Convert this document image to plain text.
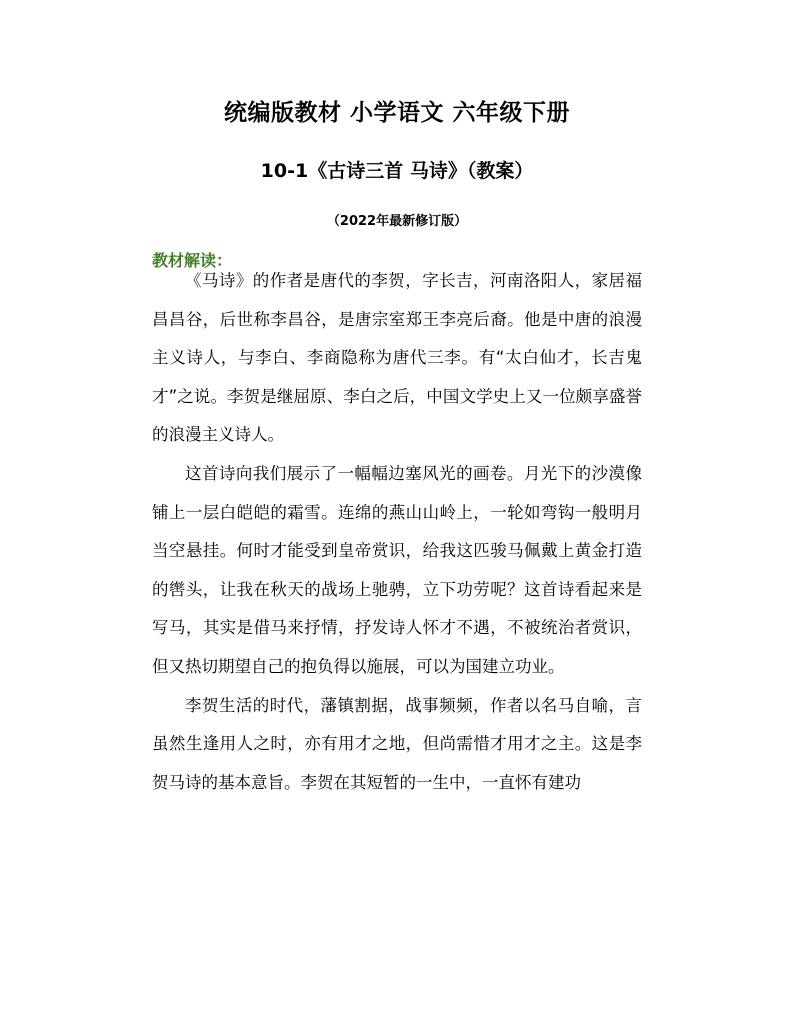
统编版教材 小学语文 六年级下册
10-1《古诗三首 马诗》（教案）
（2022年最新修订版）
教材解读：

《马诗》的作者是唐代的李贺，字长吉，河南洛阳人，家居福昌昌谷，后世称李昌谷，是唐宗室郑王李亮后裔。他是中唐的浪漫主义诗人，与李白、李商隐称为唐代三李。有“太白仙才，长吉鬼才”之说。李贺是继屈原、李白之后，中国文学史上又一位颇享盛誉的浪漫主义诗人。

这首诗向我们展示了一幅幅边塞风光的画卷。月光下的沙漠像铺上一层白皑皑的霜雪。连绵的燕山山岭上，一轮如弯钩一般明月当空悬挂。何时才能受到皇帝赏识，给我这匹骏马佩戴上黄金打造的辔头，让我在秋天的战场上驰骋，立下功劳呢？这首诗看起来是写马，其实是借马来抒情，抒发诗人怀才不遇，不被统治者赏识，但又热切期望自己的抱负得以施展，可以为国建立功业。

李贺生活的时代，藩镇割据，战事频频，作者以名马自喻，言虽然生逢用人之时，亦有用才之地，但尚需惜才用才之主。这是李贺马诗的基本意旨。李贺在其短暂的一生中，一直怀有建功
